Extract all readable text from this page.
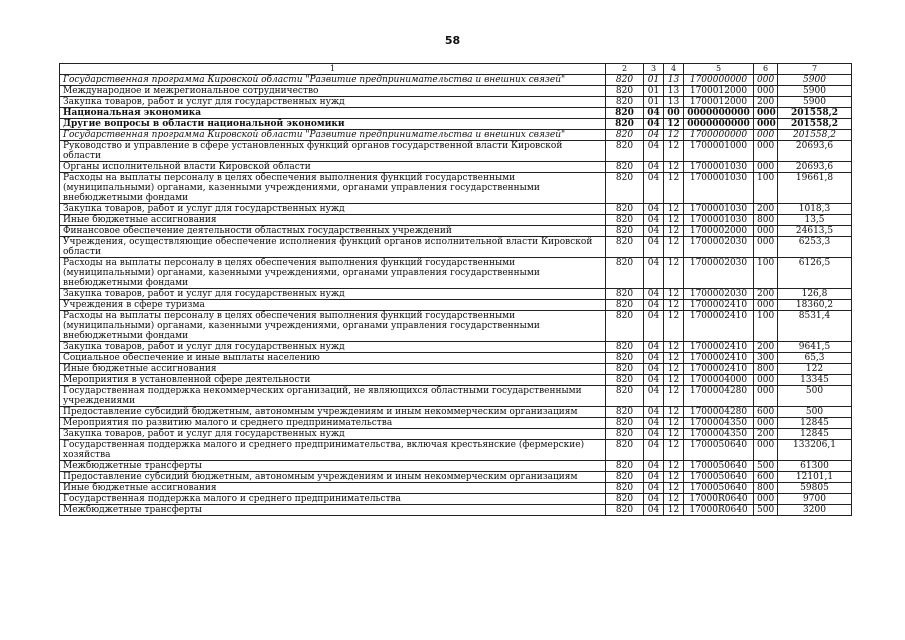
58
1	2	3	4	5	6	7
Государственная программа Кировской области "Развитие предпринимательства и внешних связей"	820	01	13	1700000000	000	5900
Международное и межрегиональное сотрудничество	820	01	13	1700012000	000	5900
Закупка товаров, работ и услуг для государственных нужд	820	01	13	1700012000	200	5900
Национальная экономика	820	04	00	0000000000	000	201558,2
Другие вопросы в области национальной экономики	820	04	12	0000000000	000	201558,2
Государственная программа Кировской области "Развитие предпринимательства и внешних связей"	820	04	12	1700000000	000	201558,2
Руководство и управление в сфере установленных функций органов государственной власти Кировской области	820	04	12	1700001000	000	20693,6
Органы исполнительной власти Кировской области	820	04	12	1700001030	000	20693,6
Расходы на выплаты персоналу в целях обеспечения выполнения функций государственными (муниципальными) органами, казенными учреждениями, органами управления государственными внебюджетными фондами	820	04	12	1700001030	100	19661,8
Закупка товаров, работ и услуг для государственных нужд	820	04	12	1700001030	200	1018,3
Иные бюджетные ассигнования	820	04	12	1700001030	800	13,5
Финансовое обеспечение деятельности областных государственных учреждений	820	04	12	1700002000	000	24613,5
Учреждения, осуществляющие обеспечение исполнения функций органов исполнительной власти Кировской области	820	04	12	1700002030	000	6253,3
Расходы на выплаты персоналу в целях обеспечения выполнения функций государственными (муниципальными) органами, казенными учреждениями, органами управления государственными внебюджетными фондами	820	04	12	1700002030	100	6126,5
Закупка товаров, работ и услуг для государственных нужд	820	04	12	1700002030	200	126,8
Учреждения в сфере туризма	820	04	12	1700002410	000	18360,2
Расходы на выплаты персоналу в целях обеспечения выполнения функций государственными (муниципальными) органами, казенными учреждениями, органами управления государственными внебюджетными фондами	820	04	12	1700002410	100	8531,4
Закупка товаров, работ и услуг для государственных нужд	820	04	12	1700002410	200	9641,5
Социальное обеспечение и иные выплаты населению	820	04	12	1700002410	300	65,3
Иные бюджетные ассигнования	820	04	12	1700002410	800	122
Мероприятия в установленной сфере деятельности	820	04	12	1700004000	000	13345
Государственная поддержка некоммерческих организаций, не являющихся областными государственными учреждениями	820	04	12	1700004280	000	500
Предоставление субсидий бюджетным, автономным учреждениям и иным некоммерческим организациям	820	04	12	1700004280	600	500
Мероприятия по развитию малого и среднего предпринимательства	820	04	12	1700004350	000	12845
Закупка товаров, работ и услуг для государственных нужд	820	04	12	1700004350	200	12845
Государственная поддержка малого и среднего предпринимательства, включая крестьянские (фермерские) хозяйства	820	04	12	1700050640	000	133206,1
Межбюджетные трансферты	820	04	12	1700050640	500	61300
Предоставление субсидий бюджетным, автономным учреждениям и иным некоммерческим организациям	820	04	12	1700050640	600	12101,1
Иные бюджетные ассигнования	820	04	12	1700050640	800	59805
Государственная поддержка малого и среднего предпринимательства	820	04	12	17000R0640	000	9700
Межбюджетные трансферты	820	04	12	17000R0640	500	3200
